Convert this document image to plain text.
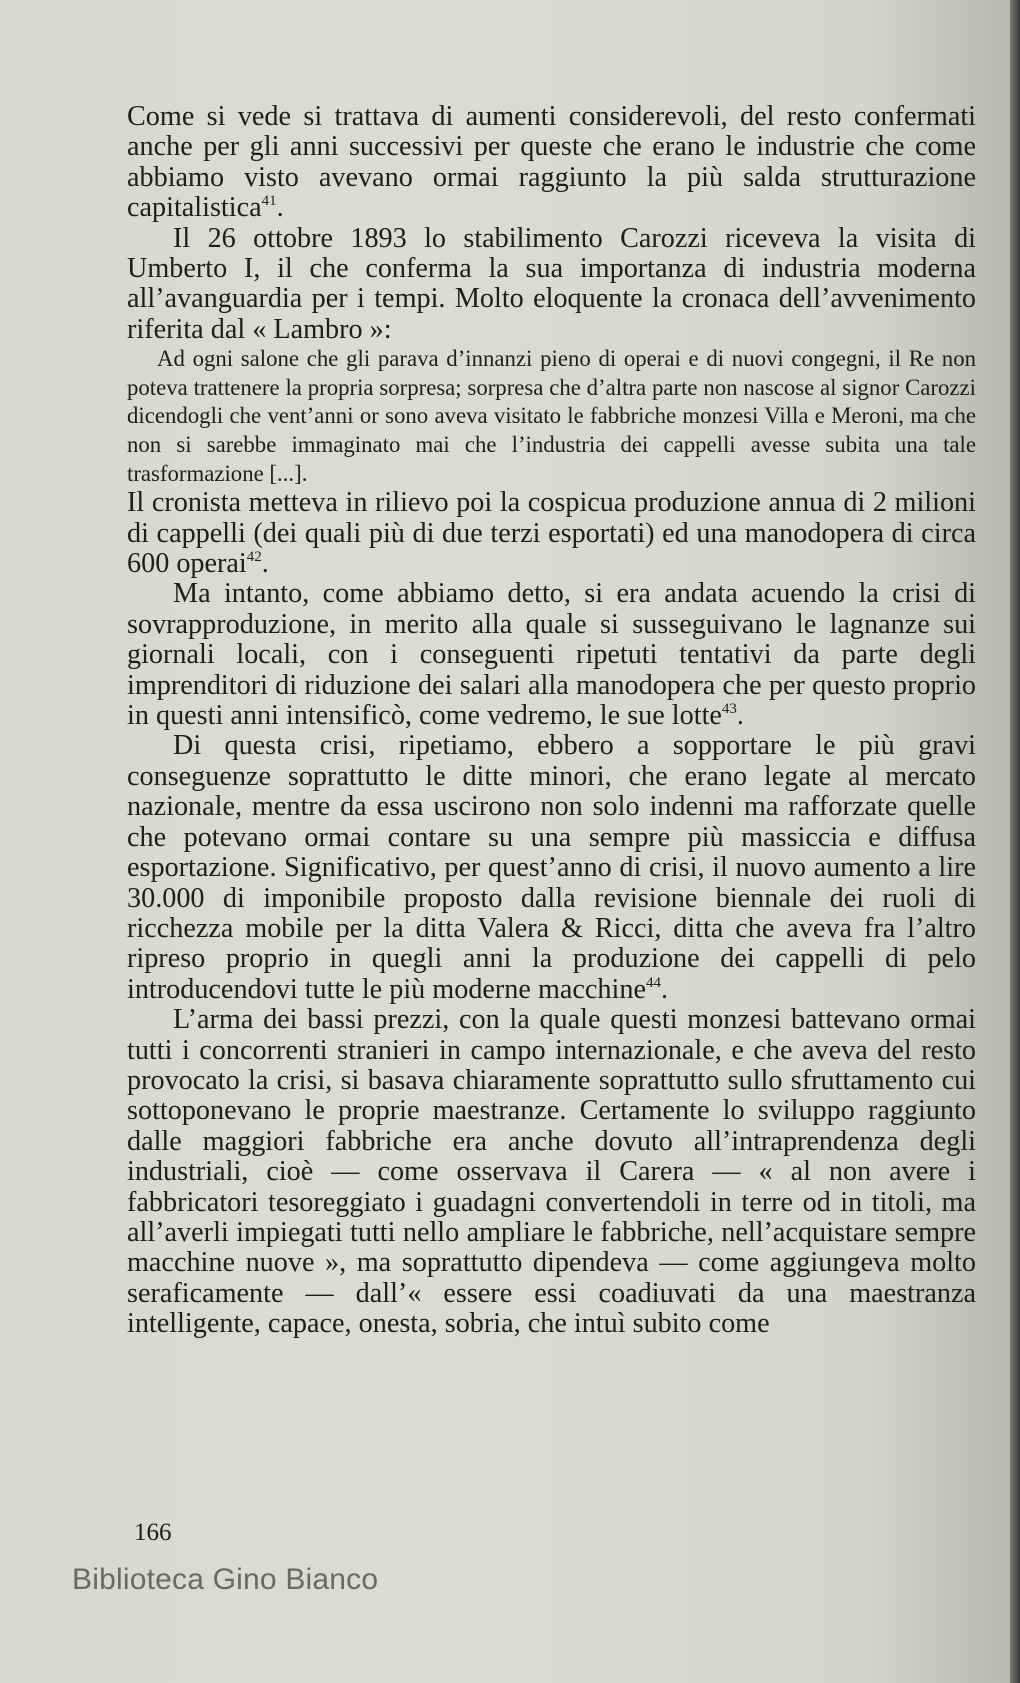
Come si vede si trattava di aumenti considerevoli, del resto confermati anche per gli anni successivi per queste che erano le industrie che come abbiamo visto avevano ormai raggiunto la più salda strutturazione capitalistica$^{41}$.

Il 26 ottobre 1893 lo stabilimento Carozzi riceveva la visita di Umberto I, il che conferma la sua importanza di industria moderna all’avanguardia per i tempi. Molto eloquente la cronaca dell’avvenimento riferita dal « Lambro »:

Ad ogni salone che gli parava d’innanzi pieno di operai e di nuovi congegni, il Re non poteva trattenere la propria sorpresa; sorpresa che d’altra parte non nascose al signor Carozzi dicendogli che vent’anni or sono aveva visitato le fabbriche monzesi Villa e Meroni, ma che non si sarebbe immaginato mai che l’industria dei cappelli avesse subita una tale trasformazione [...].

Il cronista metteva in rilievo poi la cospicua produzione annua di 2 milioni di cappelli (dei quali più di due terzi esportati) ed una manodopera di circa 600 operai$^{42}$.

Ma intanto, come abbiamo detto, si era andata acuendo la crisi di sovrapproduzione, in merito alla quale si susseguivano le lagnanze sui giornali locali, con i conseguenti ripetuti tentativi da parte degli imprenditori di riduzione dei salari alla manodopera che per questo proprio in questi anni intensificò, come vedremo, le sue lotte$^{43}$.

Di questa crisi, ripetiamo, ebbero a sopportare le più gravi conseguenze soprattutto le ditte minori, che erano legate al mercato nazionale, mentre da essa uscirono non solo indenni ma rafforzate quelle che potevano ormai contare su una sempre più massiccia e diffusa esportazione. Significativo, per quest’anno di crisi, il nuovo aumento a lire 30.000 di imponibile proposto dalla revisione biennale dei ruoli di ricchezza mobile per la ditta Valera & Ricci, ditta che aveva fra l’altro ripreso proprio in quegli anni la produzione dei cappelli di pelo introducendovi tutte le più moderne macchine$^{44}$.

L’arma dei bassi prezzi, con la quale questi monzesi battevano ormai tutti i concorrenti stranieri in campo internazionale, e che aveva del resto provocato la crisi, si basava chiaramente soprattutto sullo sfruttamento cui sottoponevano le proprie maestranze. Certamente lo sviluppo raggiunto dalle maggiori fabbriche era anche dovuto all’intraprendenza degli industriali, cioè — come osservava il Carera — « al non avere i fabbricatori tesoreggiato i guadagni convertendoli in terre od in titoli, ma all’averli impiegati tutti nello ampliare le fabbriche, nell’acquistare sempre macchine nuove », ma soprattutto dipendeva — come aggiungeva molto seraficamente — dall’« essere essi coadiuvati da una maestranza intelligente, capace, onesta, sobria, che intuì subito come

166
Biblioteca Gino Bianco
